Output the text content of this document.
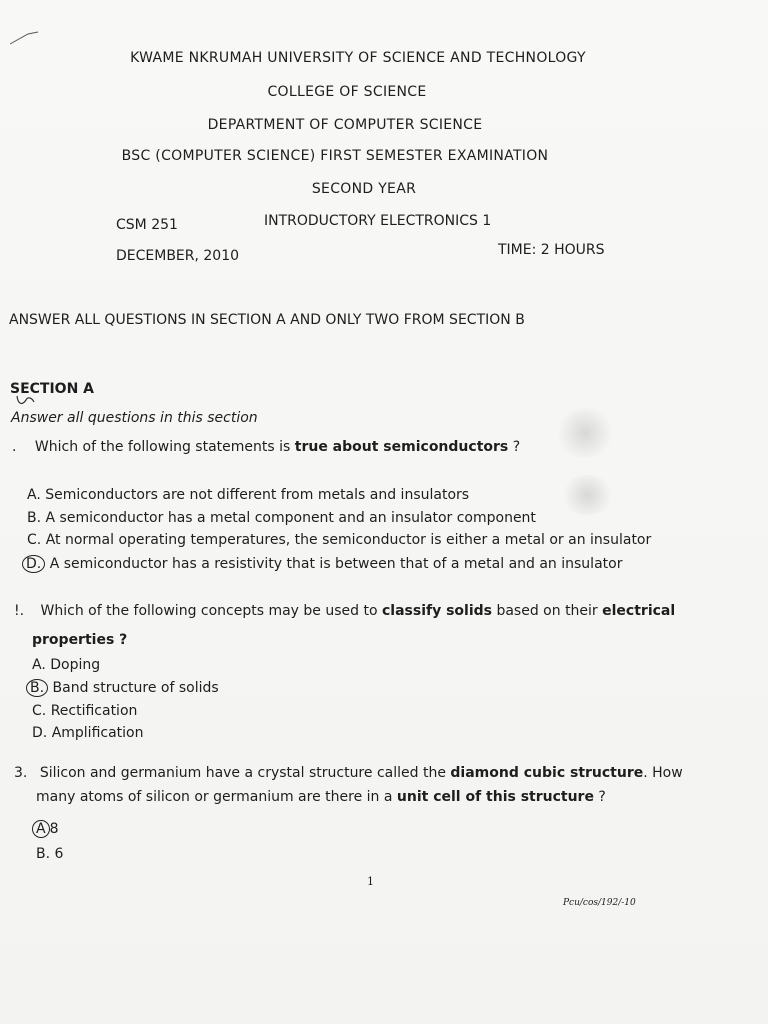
KWAME NKRUMAH UNIVERSITY OF SCIENCE AND TECHNOLOGY
COLLEGE OF SCIENCE
DEPARTMENT OF COMPUTER SCIENCE
BSC (COMPUTER SCIENCE) FIRST SEMESTER EXAMINATION
SECOND YEAR
CSM 251	INTRODUCTORY ELECTRONICS 1
DECEMBER, 2010	TIME: 2 HOURS
ANSWER ALL QUESTIONS IN SECTION A AND ONLY TWO FROM SECTION B
SECTION A
Answer all questions in this section
. Which of the following statements is true about semiconductors ?
A. Semiconductors are not different from metals and insulators
B. A semiconductor has a metal component and an insulator component
C. At normal operating temperatures, the semiconductor is either a metal or an insulator
D. A semiconductor has a resistivity that is between that of a metal and an insulator
!. Which of the following concepts may be used to classify solids based on their electrical
properties ?
A. Doping
B. Band structure of solids
C. Rectification
D. Amplification
3. Silicon and germanium have a crystal structure called the diamond cubic structure. How
many atoms of silicon or germanium are there in a unit cell of this structure ?
A 8
B. 6
1
Pcu/cos/192/-10
